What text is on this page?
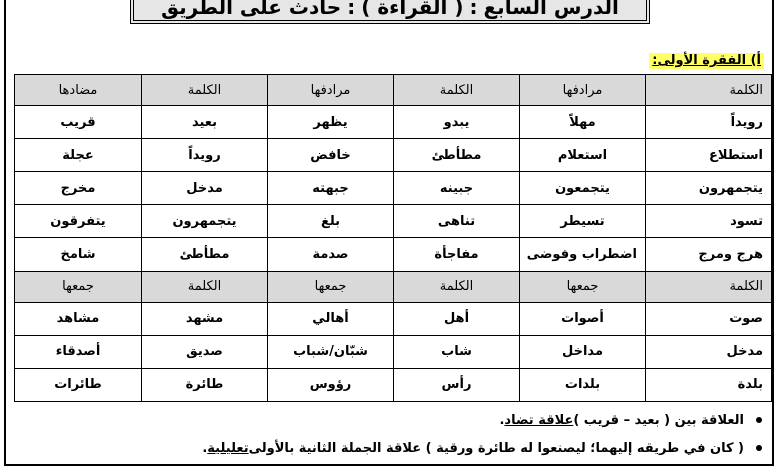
الدرس السابع
:
( القراءة )
:
حادث على الطريق
أ) الفقرة الأولى:
الكلمة	مرادفها	الكلمة	مرادفها	الكلمة	مضادها
رويداً	مهلاً	يبدو	يظهر	بعيد	قريب
استطلاع	استعلام	مطأطئ	خافض	رويداً	عجلة
يتجمهرون	يتجمعون	جبينه	جبهته	مدخل	مخرج
تسود	تسيطر	تناهى	بلغ	يتجمهرون	يتفرقون
هرج ومرج	اضطراب وفوضى	مفاجأة	صدمة	مطأطئ	شامخ
الكلمة	جمعها	الكلمة	جمعها	الكلمة	جمعها
صوت	أصوات	أهل	أهالي	مشهد	مشاهد
مدخل	مداخل	شاب	شبّان/شباب	صديق	أصدقاء
بلدة	بلدات	رأس	رؤوس	طائرة	طائرات
العلاقة بين ( بعيد – قريب )
علاقة تضاد
.
( كان في طريقه إليهما؛ ليصنعوا له طائرة ورقية ) علاقة الجملة الثانية بالأولى
تعليلية
.
